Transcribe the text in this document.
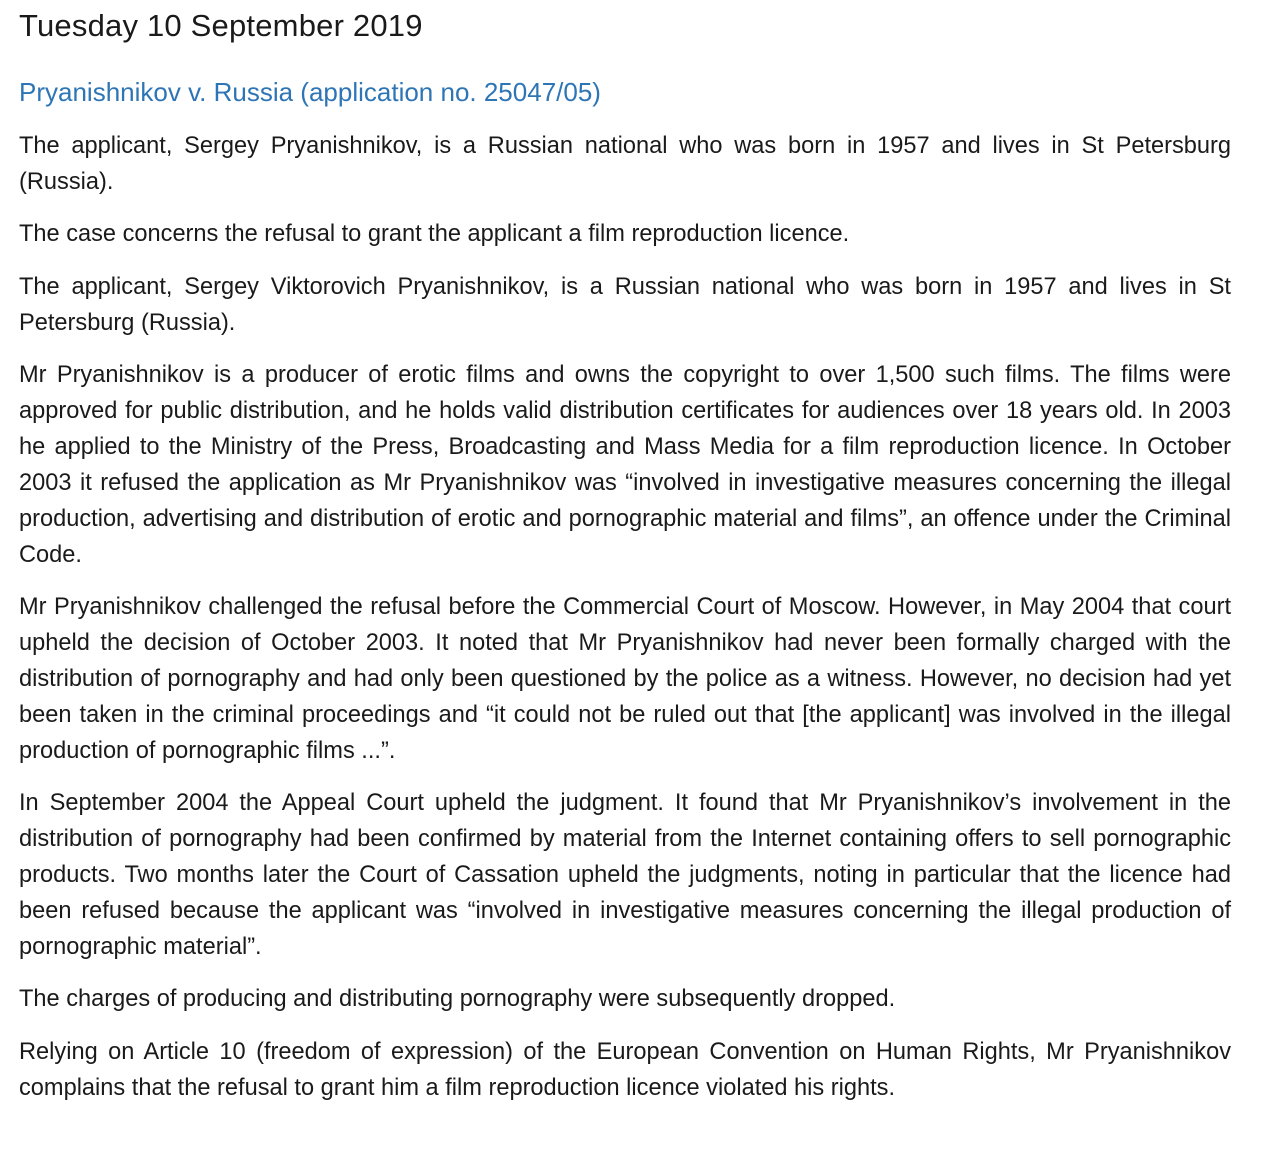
Tuesday 10 September 2019
Pryanishnikov v. Russia (application no. 25047/05)

The applicant, Sergey Pryanishnikov, is a Russian national who was born in 1957 and lives in St Petersburg (Russia).

The case concerns the refusal to grant the applicant a film reproduction licence.

The applicant, Sergey Viktorovich Pryanishnikov, is a Russian national who was born in 1957 and lives in St Petersburg (Russia).

Mr Pryanishnikov is a producer of erotic films and owns the copyright to over 1,500 such films. The films were approved for public distribution, and he holds valid distribution certificates for audiences over 18 years old. In 2003 he applied to the Ministry of the Press, Broadcasting and Mass Media for a film reproduction licence. In October 2003 it refused the application as Mr Pryanishnikov was “involved in investigative measures concerning the illegal production, advertising and distribution of erotic and pornographic material and films”, an offence under the Criminal Code.

Mr Pryanishnikov challenged the refusal before the Commercial Court of Moscow. However, in May 2004 that court upheld the decision of October 2003. It noted that Mr Pryanishnikov had never been formally charged with the distribution of pornography and had only been questioned by the police as a witness. However, no decision had yet been taken in the criminal proceedings and “it could not be ruled out that [the applicant] was involved in the illegal production of pornographic films ...”.

In September 2004 the Appeal Court upheld the judgment. It found that Mr Pryanishnikov’s involvement in the distribution of pornography had been confirmed by material from the Internet containing offers to sell pornographic products. Two months later the Court of Cassation upheld the judgments, noting in particular that the licence had been refused because the applicant was “involved in investigative measures concerning the illegal production of pornographic material”.

The charges of producing and distributing pornography were subsequently dropped.

Relying on Article 10 (freedom of expression) of the European Convention on Human Rights, Mr Pryanishnikov complains that the refusal to grant him a film reproduction licence violated his rights.
